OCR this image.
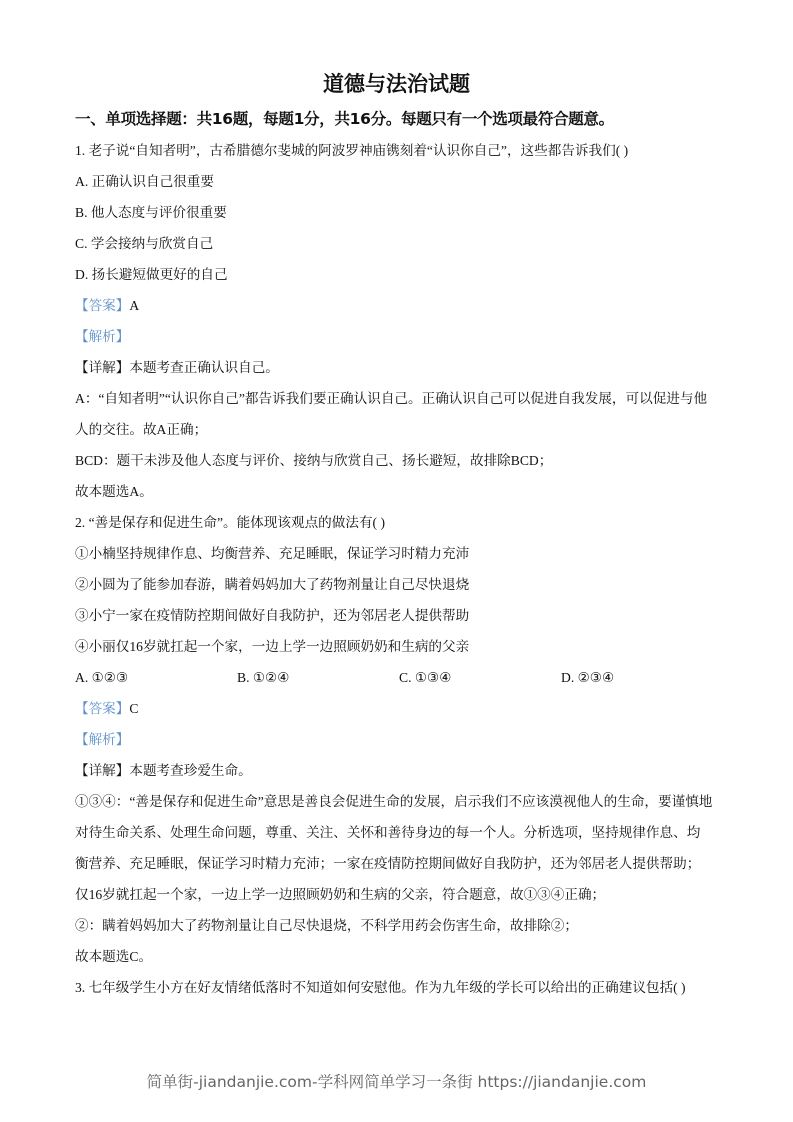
道德与法治试题
一、单项选择题：共16题，每题1分，共16分。每题只有一个选项最符合题意。
1. 老子说“自知者明”，古希腊德尔斐城的阿波罗神庙镌刻着“认识你自己”，这些都告诉我们( )
A. 正确认识自己很重要
B. 他人态度与评价很重要
C. 学会接纳与欣赏自己
D. 扬长避短做更好的自己
【答案】A
【解析】
【详解】本题考查正确认识自己。
A：“自知者明”“认识你自己”都告诉我们要正确认识自己。正确认识自己可以促进自我发展，可以促进与他
人的交往。故A正确；
BCD：题干未涉及他人态度与评价、接纳与欣赏自己、扬长避短，故排除BCD；
故本题选A。
2. “善是保存和促进生命”。能体现该观点的做法有( )
①小楠坚持规律作息、均衡营养、充足睡眠，保证学习时精力充沛
②小圆为了能参加春游，瞒着妈妈加大了药物剂量让自己尽快退烧
③小宁一家在疫情防控期间做好自我防护，还为邻居老人提供帮助
④小丽仅16岁就扛起一个家，一边上学一边照顾奶奶和生病的父亲
A. ①②③	B. ①②④	C. ①③④	D. ②③④
【答案】C
【解析】
【详解】本题考查珍爱生命。
①③④：“善是保存和促进生命”意思是善良会促进生命的发展，启示我们不应该漠视他人的生命，要谨慎地
对待生命关系、处理生命问题，尊重、关注、关怀和善待身边的每一个人。分析选项，坚持规律作息、均
衡营养、充足睡眠，保证学习时精力充沛；一家在疫情防控期间做好自我防护，还为邻居老人提供帮助；
仅16岁就扛起一个家，一边上学一边照顾奶奶和生病的父亲，符合题意，故①③④正确；
②：瞒着妈妈加大了药物剂量让自己尽快退烧，不科学用药会伤害生命，故排除②；
故本题选C。
3. 七年级学生小方在好友情绪低落时不知道如何安慰他。作为九年级的学长可以给出的正确建议包括( )
简单街-jiandanjie.com-学科网简单学习一条街 https://jiandanjie.com
